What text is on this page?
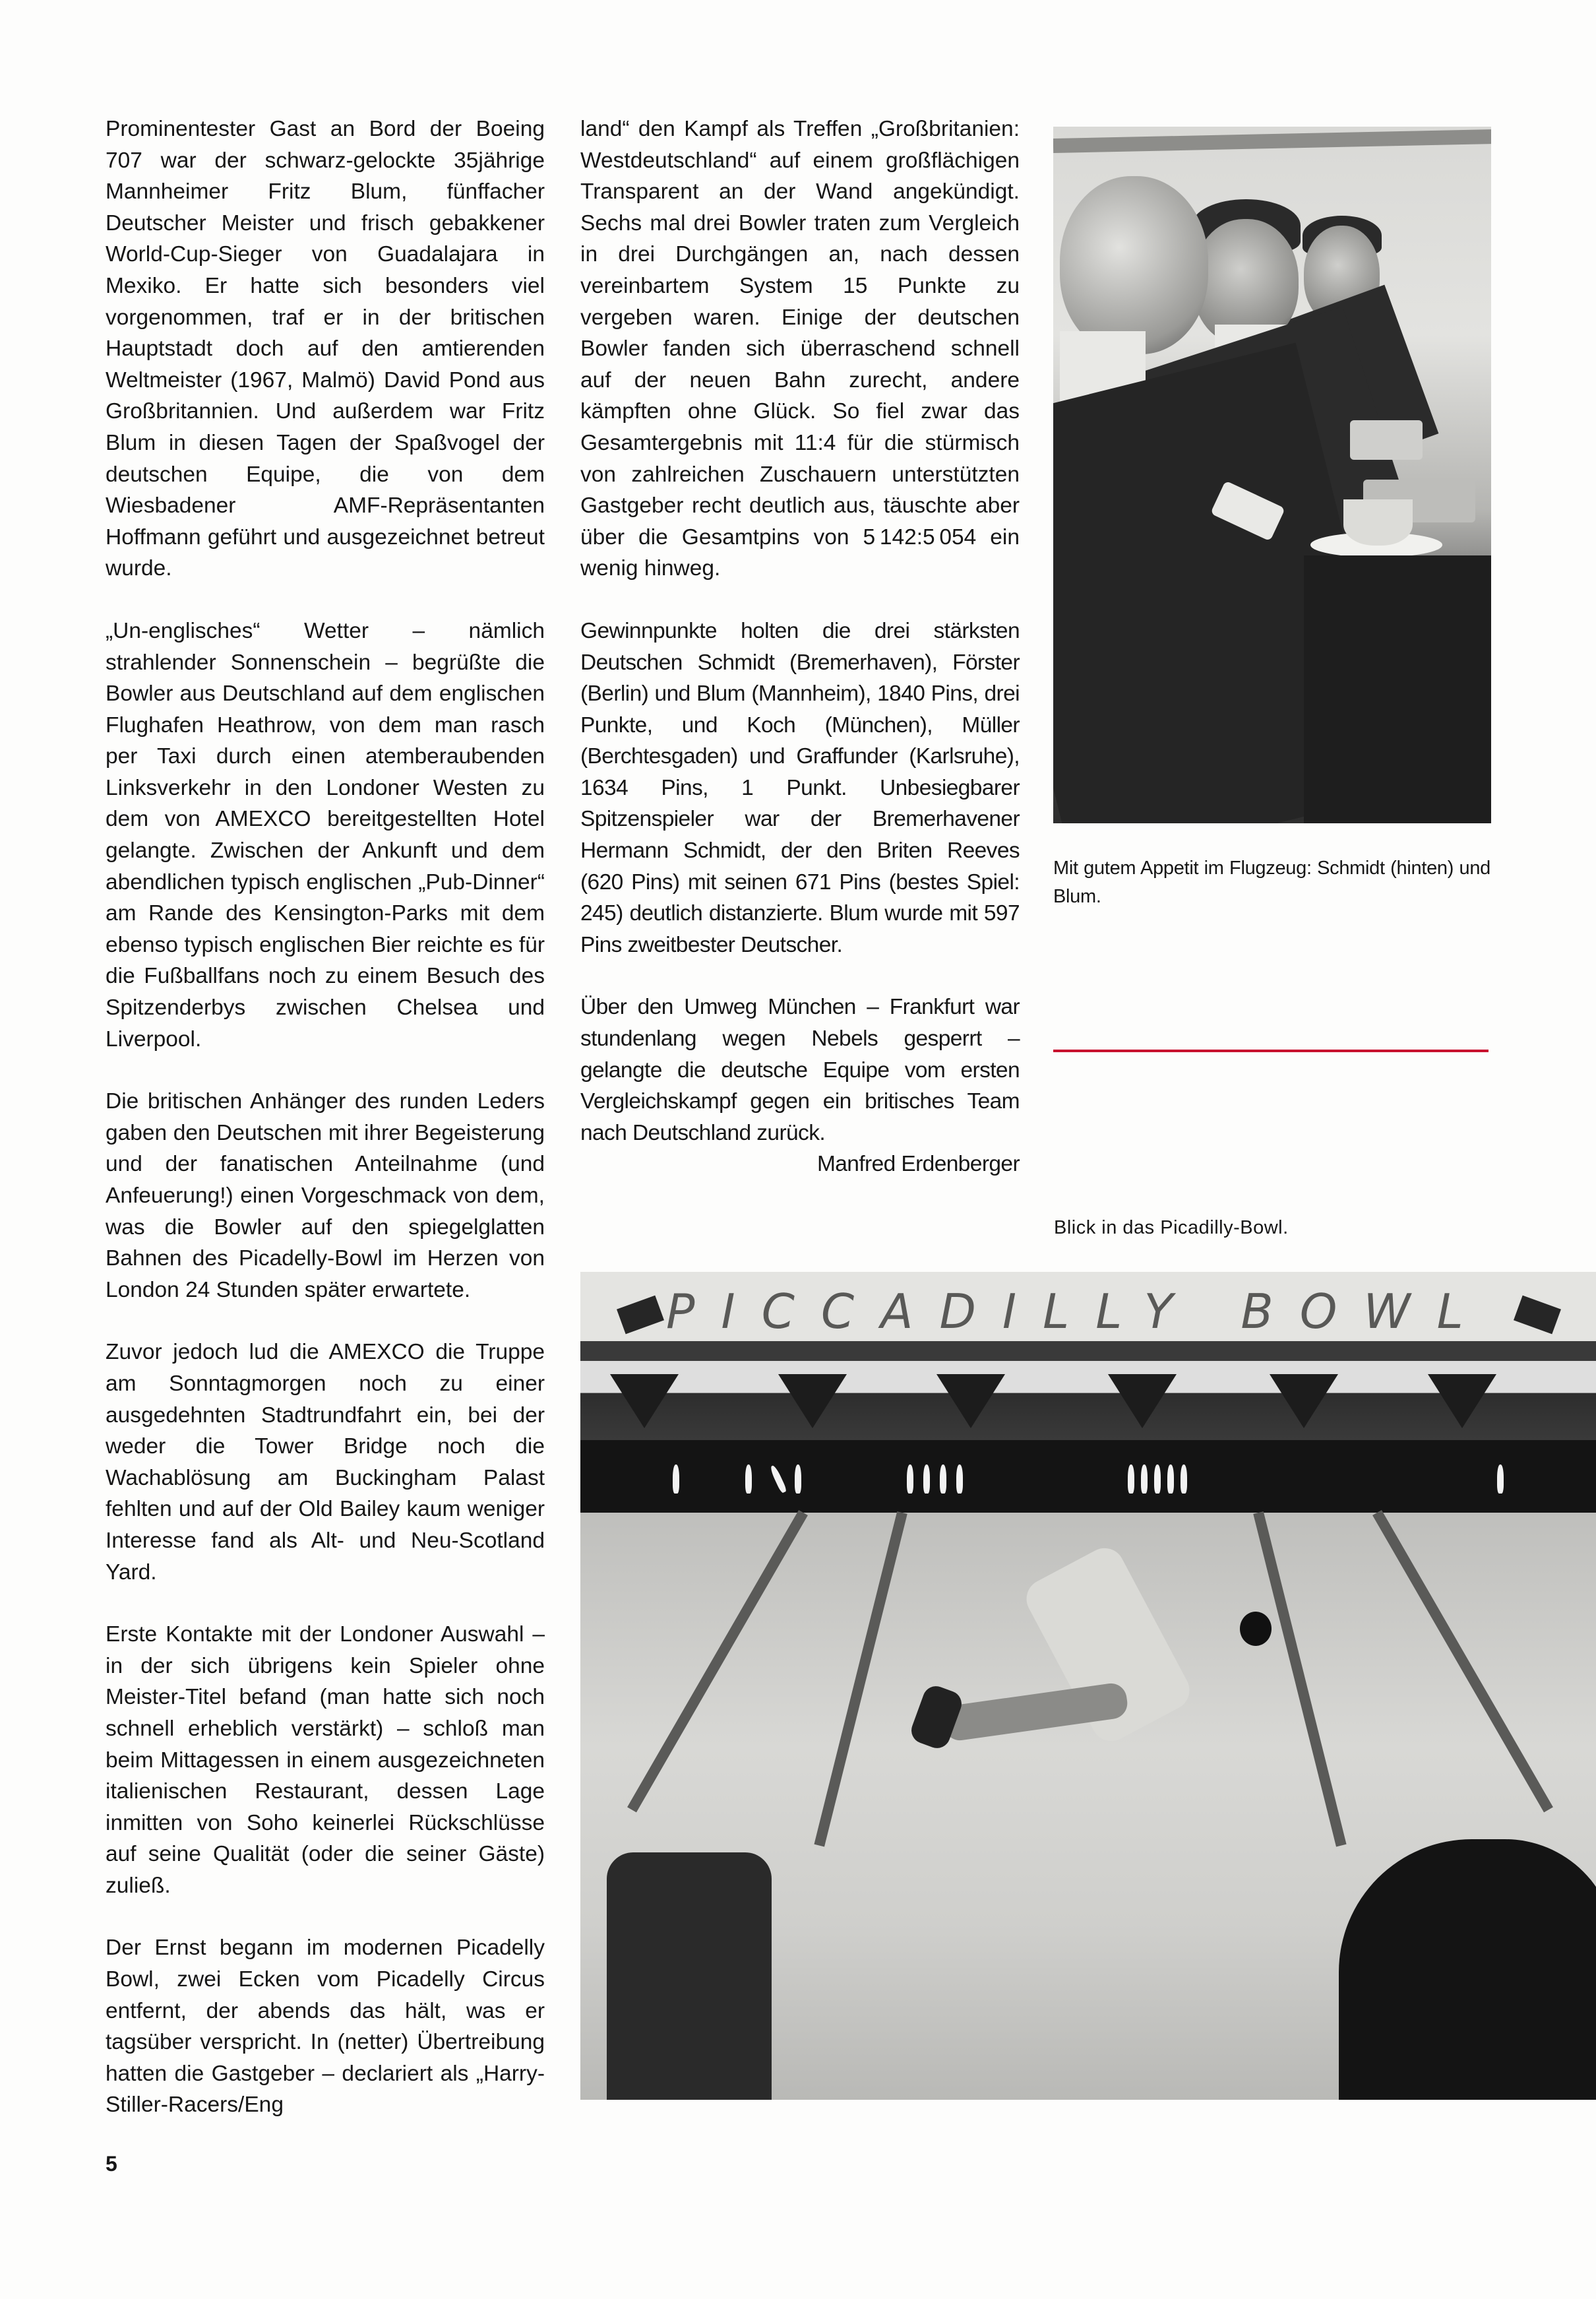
Prominentester Gast an Bord der Boeing 707 war der schwarz-gelockte 35jährige Mannheimer Fritz Blum, fünffacher Deutscher Meister und frisch gebakkener World-Cup-Sieger von Guadalajara in Mexiko. Er hatte sich besonders viel vorgenommen, traf er in der britischen Hauptstadt doch auf den amtierenden Weltmeister (1967, Malmö) David Pond aus Großbritannien. Und außerdem war Fritz Blum in diesen Tagen der Spaßvogel der deutschen Equipe, die von dem Wiesbadener AMF-Repräsentanten Hoffmann geführt und ausgezeichnet betreut wurde.

„Un-englisches“ Wetter – nämlich strahlender Sonnenschein – begrüßte die Bowler aus Deutschland auf dem englischen Flughafen Heathrow, von dem man rasch per Taxi durch einen atemberaubenden Linksverkehr in den Londoner Westen zu dem von AMEXCO bereitgestellten Hotel gelangte. Zwischen der Ankunft und dem abendlichen typisch englischen „Pub-Dinner“ am Rande des Kensington-Parks mit dem ebenso typisch englischen Bier reichte es für die Fußballfans noch zu einem Besuch des Spitzenderbys zwischen Chelsea und Liverpool.

Die britischen Anhänger des runden Leders gaben den Deutschen mit ihrer Begeisterung und der fanatischen Anteilnahme (und Anfeuerung!) einen Vorgeschmack von dem, was die Bowler auf den spiegelglatten Bahnen des Picadelly-Bowl im Herzen von London 24 Stunden später erwartete.

Zuvor jedoch lud die AMEXCO die Truppe am Sonntagmorgen noch zu einer ausgedehnten Stadtrundfahrt ein, bei der weder die Tower Bridge noch die Wachablösung am Buckingham Palast fehlten und auf der Old Bailey kaum weniger Interesse fand als Alt- und Neu-Scotland Yard.

Erste Kontakte mit der Londoner Auswahl – in der sich übrigens kein Spieler ohne Meister-Titel befand (man hatte sich noch schnell erheblich verstärkt) – schloß man beim Mittagessen in einem ausgezeichneten italienischen Restaurant, dessen Lage inmitten von Soho keinerlei Rückschlüsse auf seine Qualität (oder die seiner Gäste) zuließ.

Der Ernst begann im modernen Picadelly Bowl, zwei Ecken vom Picadelly Circus entfernt, der abends das hält, was er tagsüber verspricht. In (netter) Übertreibung hatten die Gastgeber – declariert als „Harry-Stiller-Racers/Eng

land“ den Kampf als Treffen „Großbritanien: Westdeutschland“ auf einem großflächigen Transparent an der Wand angekündigt. Sechs mal drei Bowler traten zum Vergleich in drei Durchgängen an, nach dessen vereinbartem System 15 Punkte zu vergeben waren. Einige der deutschen Bowler fanden sich überraschend schnell auf der neuen Bahn zurecht, andere kämpften ohne Glück. So fiel zwar das Gesamtergebnis mit 11:4 für die stürmisch von zahlreichen Zuschauern unterstützten Gastgeber recht deutlich aus, täuschte aber über die Gesamtpins von 5 142:5 054 ein wenig hinweg.

Gewinnpunkte holten die drei stärksten Deutschen Schmidt (Bremerhaven), Förster (Berlin) und Blum (Mannheim), 1840 Pins, drei Punkte, und Koch (München), Müller (Berchtesgaden) und Graffunder (Karlsruhe), 1634 Pins, 1 Punkt. Unbesiegbarer Spitzenspieler war der Bremerhavener Hermann Schmidt, der den Briten Reeves (620 Pins) mit seinen 671 Pins (bestes Spiel: 245) deutlich distanzierte. Blum wurde mit 597 Pins zweitbester Deutscher.

Über den Umweg München – Frankfurt war stundenlang wegen Nebels gesperrt – gelangte die deutsche Equipe vom ersten Vergleichskampf gegen ein britisches Team nach Deutschland zurück.
Manfred Erdenberger
Mit gutem Appetit im Flugzeug: Schmidt (hinten) und Blum.
Blick in das Picadilly-Bowl.
PICCADILLY BOWL
5
